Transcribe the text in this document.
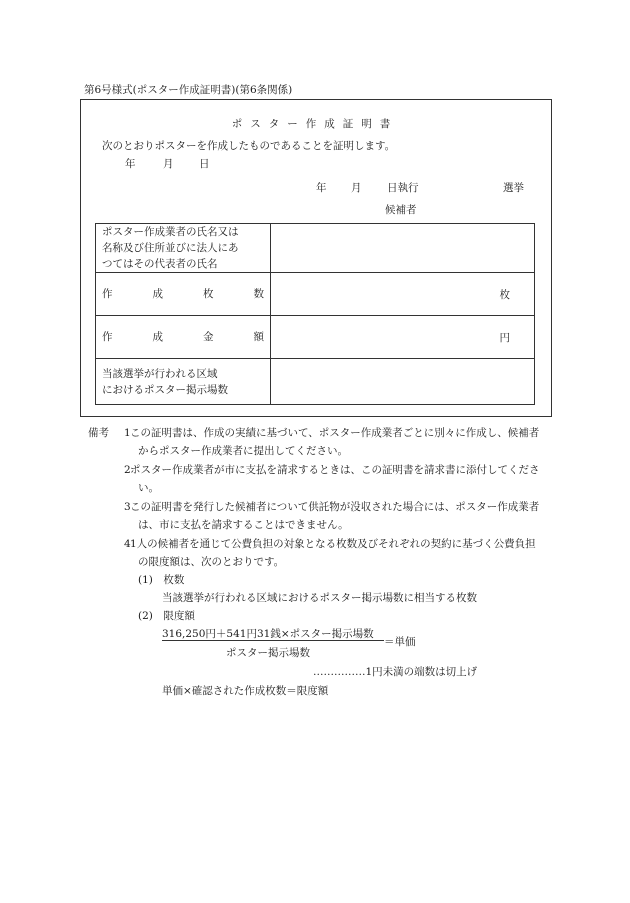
第6号様式(ポスター作成証明書)(第6条関係)
ポスター作成証明書
次のとおりポスターを作成したものであることを証明します。
年	月 日
年 月 日執行	選挙
候補者
ポスター作成業者の氏名又は
名称及び住所並びに法人にあ
つてはその代表者の氏名	

作 成 枚 数	枚

作 成 金 額	円

当該選挙が行われる区域
におけるポスター掲示場数	

備考 1 この証明書は、作成の実績に基づいて、ポスター作成業者ごとに別々に作成し、候補者からポスター作成業者に提出してください。
2 ポスター作成業者が市に支払を請求するときは、この証明書を請求書に添付してください。
3 この証明書を発行した候補者について供託物が没収された場合には、ポスター作成業者は、市に支払を請求することはできません。
4 1人の候補者を通じて公費負担の対象となる枚数及びそれぞれの契約に基づく公費負担の限度額は、次のとおりです。
(1)　枚数
当該選挙が行われる区域におけるポスター掲示場数に相当する枚数
(2)　限度額
316,250円＋541円31銭×ポスター掲示場数
＝単価
ポスター掲示場数
……………1円未満の端数は切上げ
単価×確認された作成枚数＝限度額
